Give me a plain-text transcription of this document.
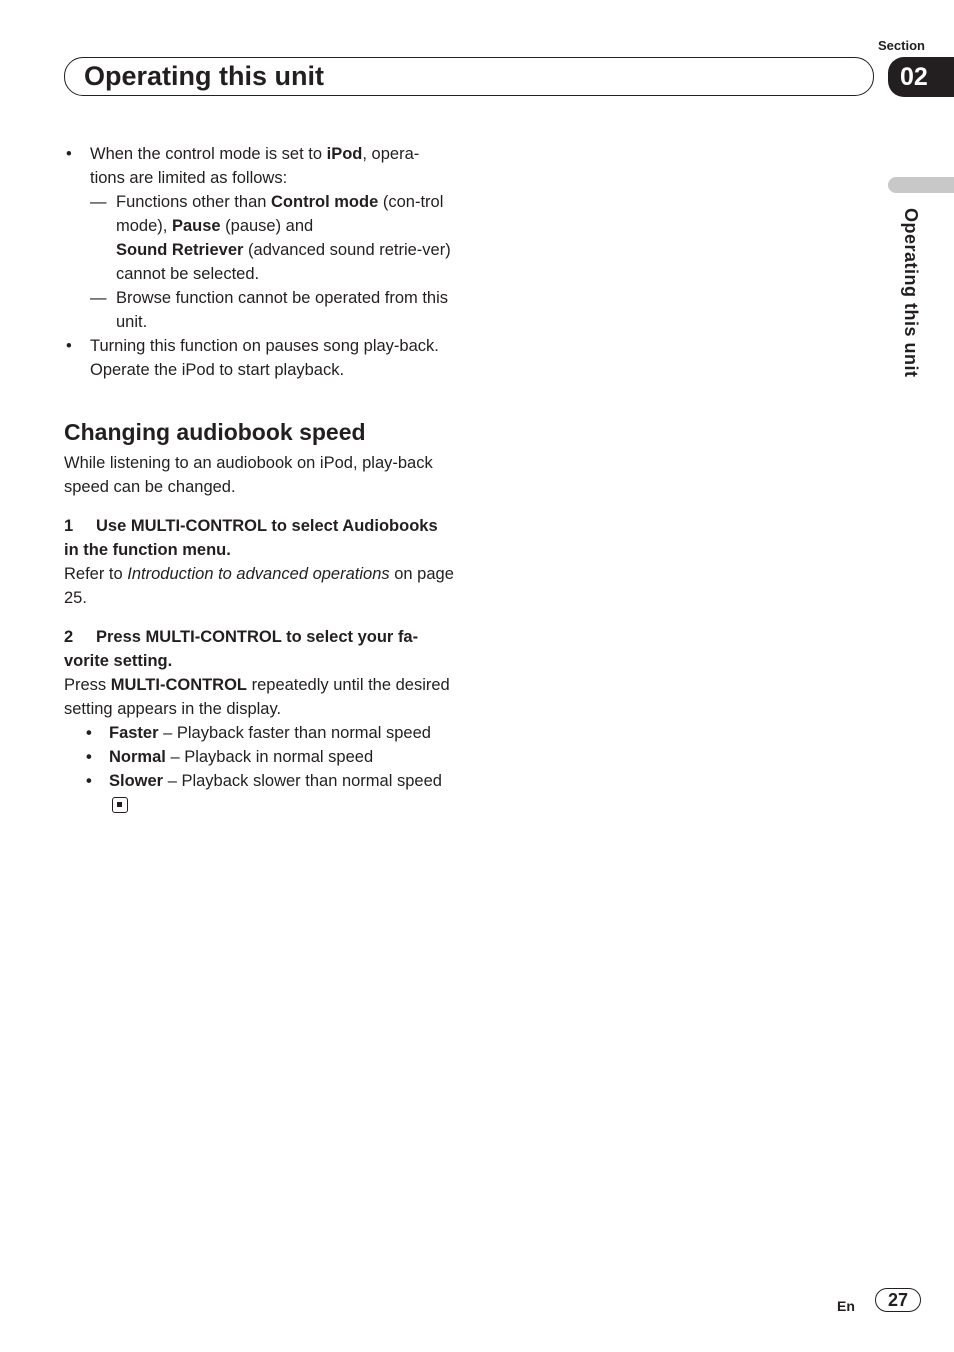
Section
02
Operating this unit
Operating this unit
• When the control mode is set to iPod, opera-tions are limited as follows:
— Functions other than Control mode (con-trol mode), Pause (pause) and
Sound Retriever (advanced sound retrie-ver) cannot be selected.
— Browse function cannot be operated from this unit.
• Turning this function on pauses song play-back. Operate the iPod to start playback.
Changing audiobook speed
While listening to an audiobook on iPod, play-back speed can be changed.
1 Use MULTI-CONTROL to select Audiobooks in the function menu.
Refer to Introduction to advanced operations on page 25.
2 Press MULTI-CONTROL to select your fa-vorite setting.
Press MULTI-CONTROL repeatedly until the desired setting appears in the display.
• Faster – Playback faster than normal speed
• Normal – Playback in normal speed
• Slower – Playback slower than normal speed
En	27
